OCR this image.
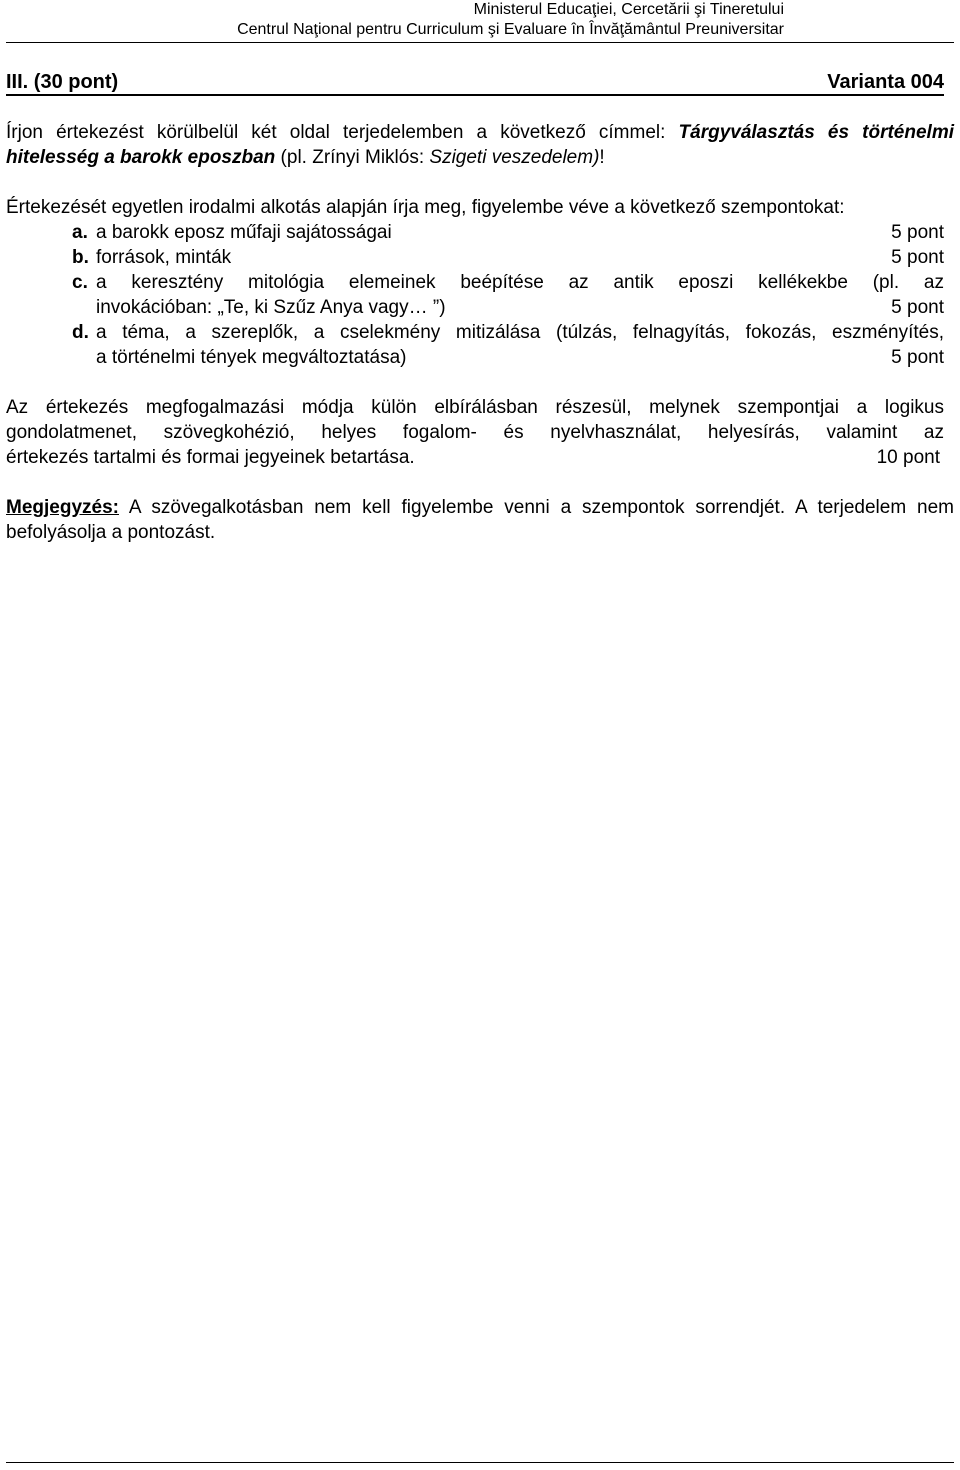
Ministerul Educaţiei, Cercetării şi Tineretului
Centrul Naţional pentru Curriculum şi Evaluare în Învăţământul Preuniversitar
III. (30 pont)	Varianta 004

Írjon értekezést körülbelül két oldal terjedelemben a következő címmel: Tárgyválasztás és történelmi hitelesség a barokk eposzban (pl. Zrínyi Miklós: Szigeti veszedelem)!

Értekezését egyetlen irodalmi alkotás alapján írja meg, figyelembe véve a következő szempontokat:

a. a barokk eposz műfaji sajátosságai	5 pont
b. források, minták	5 pont
c. a keresztény mitológia elemeinek beépítése az antik eposzi kellékekbe (pl. az
invokációban: „Te, ki Szűz Anya vagy… ”)	5 pont
d. a téma, a szereplők, a cselekmény mitizálása (túlzás, felnagyítás, fokozás, eszményítés,
a történelmi tények megváltoztatása)	5 pont

Az értekezés megfogalmazási módja külön elbírálásban részesül, melynek szempontjai a logikus gondolatmenet, szövegkohézió, helyes fogalom- és nyelvhasználat, helyesírás, valamint az

értekezés tartalmi és formai jegyeinek betartása.	10 pont

Megjegyzés: A szövegalkotásban nem kell figyelembe venni a szempontok sorrendjét. A terjedelem nem befolyásolja a pontozást.
